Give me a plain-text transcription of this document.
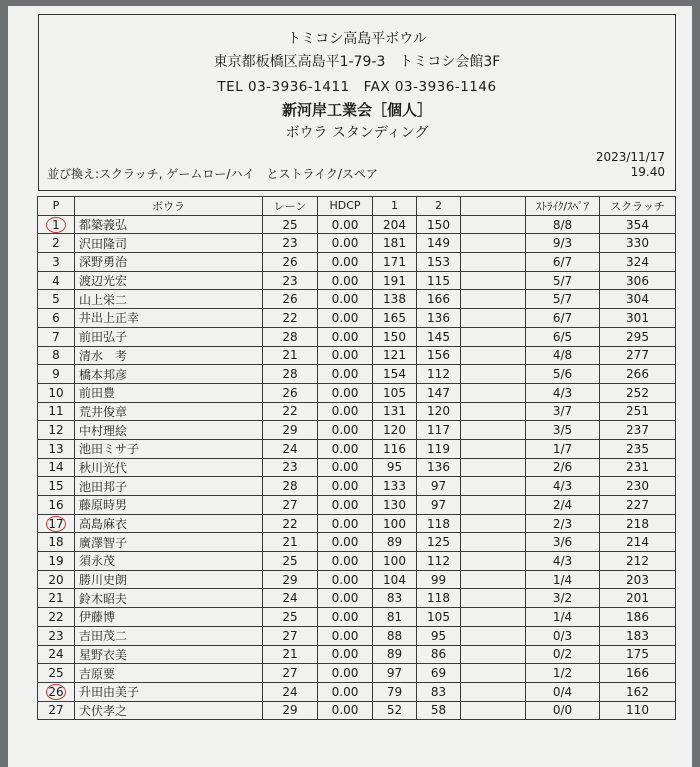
トミコシ高島平ボウル
東京都板橋区高島平1-79-3　トミコシ会館3F
TEL 03-3936-1411　FAX 03-3936-1146
新河岸工業会［個人］
ボウラ スタンディング
並び換え:スクラッチ, ゲームロー/ハイ　とストライク/スペア
2023/11/17
19.40
P	ボウラ	レーン	HDCP	1	2		ｽﾄﾗｲｸ/ｽﾍﾟｱ	スクラッチ
1	都築義弘	25	0.00	204	150		8/8	354
2	沢田隆司	23	0.00	181	149		9/3	330
3	深野勇治	26	0.00	171	153		6/7	324
4	渡辺光宏	23	0.00	191	115		5/7	306
5	山上栄二	26	0.00	138	166		5/7	304
6	井出上正幸	22	0.00	165	136		6/7	301
7	前田弘子	28	0.00	150	145		6/5	295
8	清水　考	21	0.00	121	156		4/8	277
9	橋本邦彦	28	0.00	154	112		5/6	266
10	前田豊	26	0.00	105	147		4/3	252
11	荒井俊章	22	0.00	131	120		3/7	251
12	中村理絵	29	0.00	120	117		3/5	237
13	池田ミサ子	24	0.00	116	119		1/7	235
14	秋川光代	23	0.00	95	136		2/6	231
15	池田邦子	28	0.00	133	97		4/3	230
16	藤原時男	27	0.00	130	97		2/4	227
17	高島麻衣	22	0.00	100	118		2/3	218
18	廣澤智子	21	0.00	89	125		3/6	214
19	須永茂	25	0.00	100	112		4/3	212
20	勝川史朗	29	0.00	104	99		1/4	203
21	鈴木昭夫	24	0.00	83	118		3/2	201
22	伊藤博	25	0.00	81	105		1/4	186
23	吉田茂二	27	0.00	88	95		0/3	183
24	星野衣美	21	0.00	89	86		0/2	175
25	吉原要	27	0.00	97	69		1/2	166
26	升田由美子	24	0.00	79	83		0/4	162
27	犬伏孝之	29	0.00	52	58		0/0	110
